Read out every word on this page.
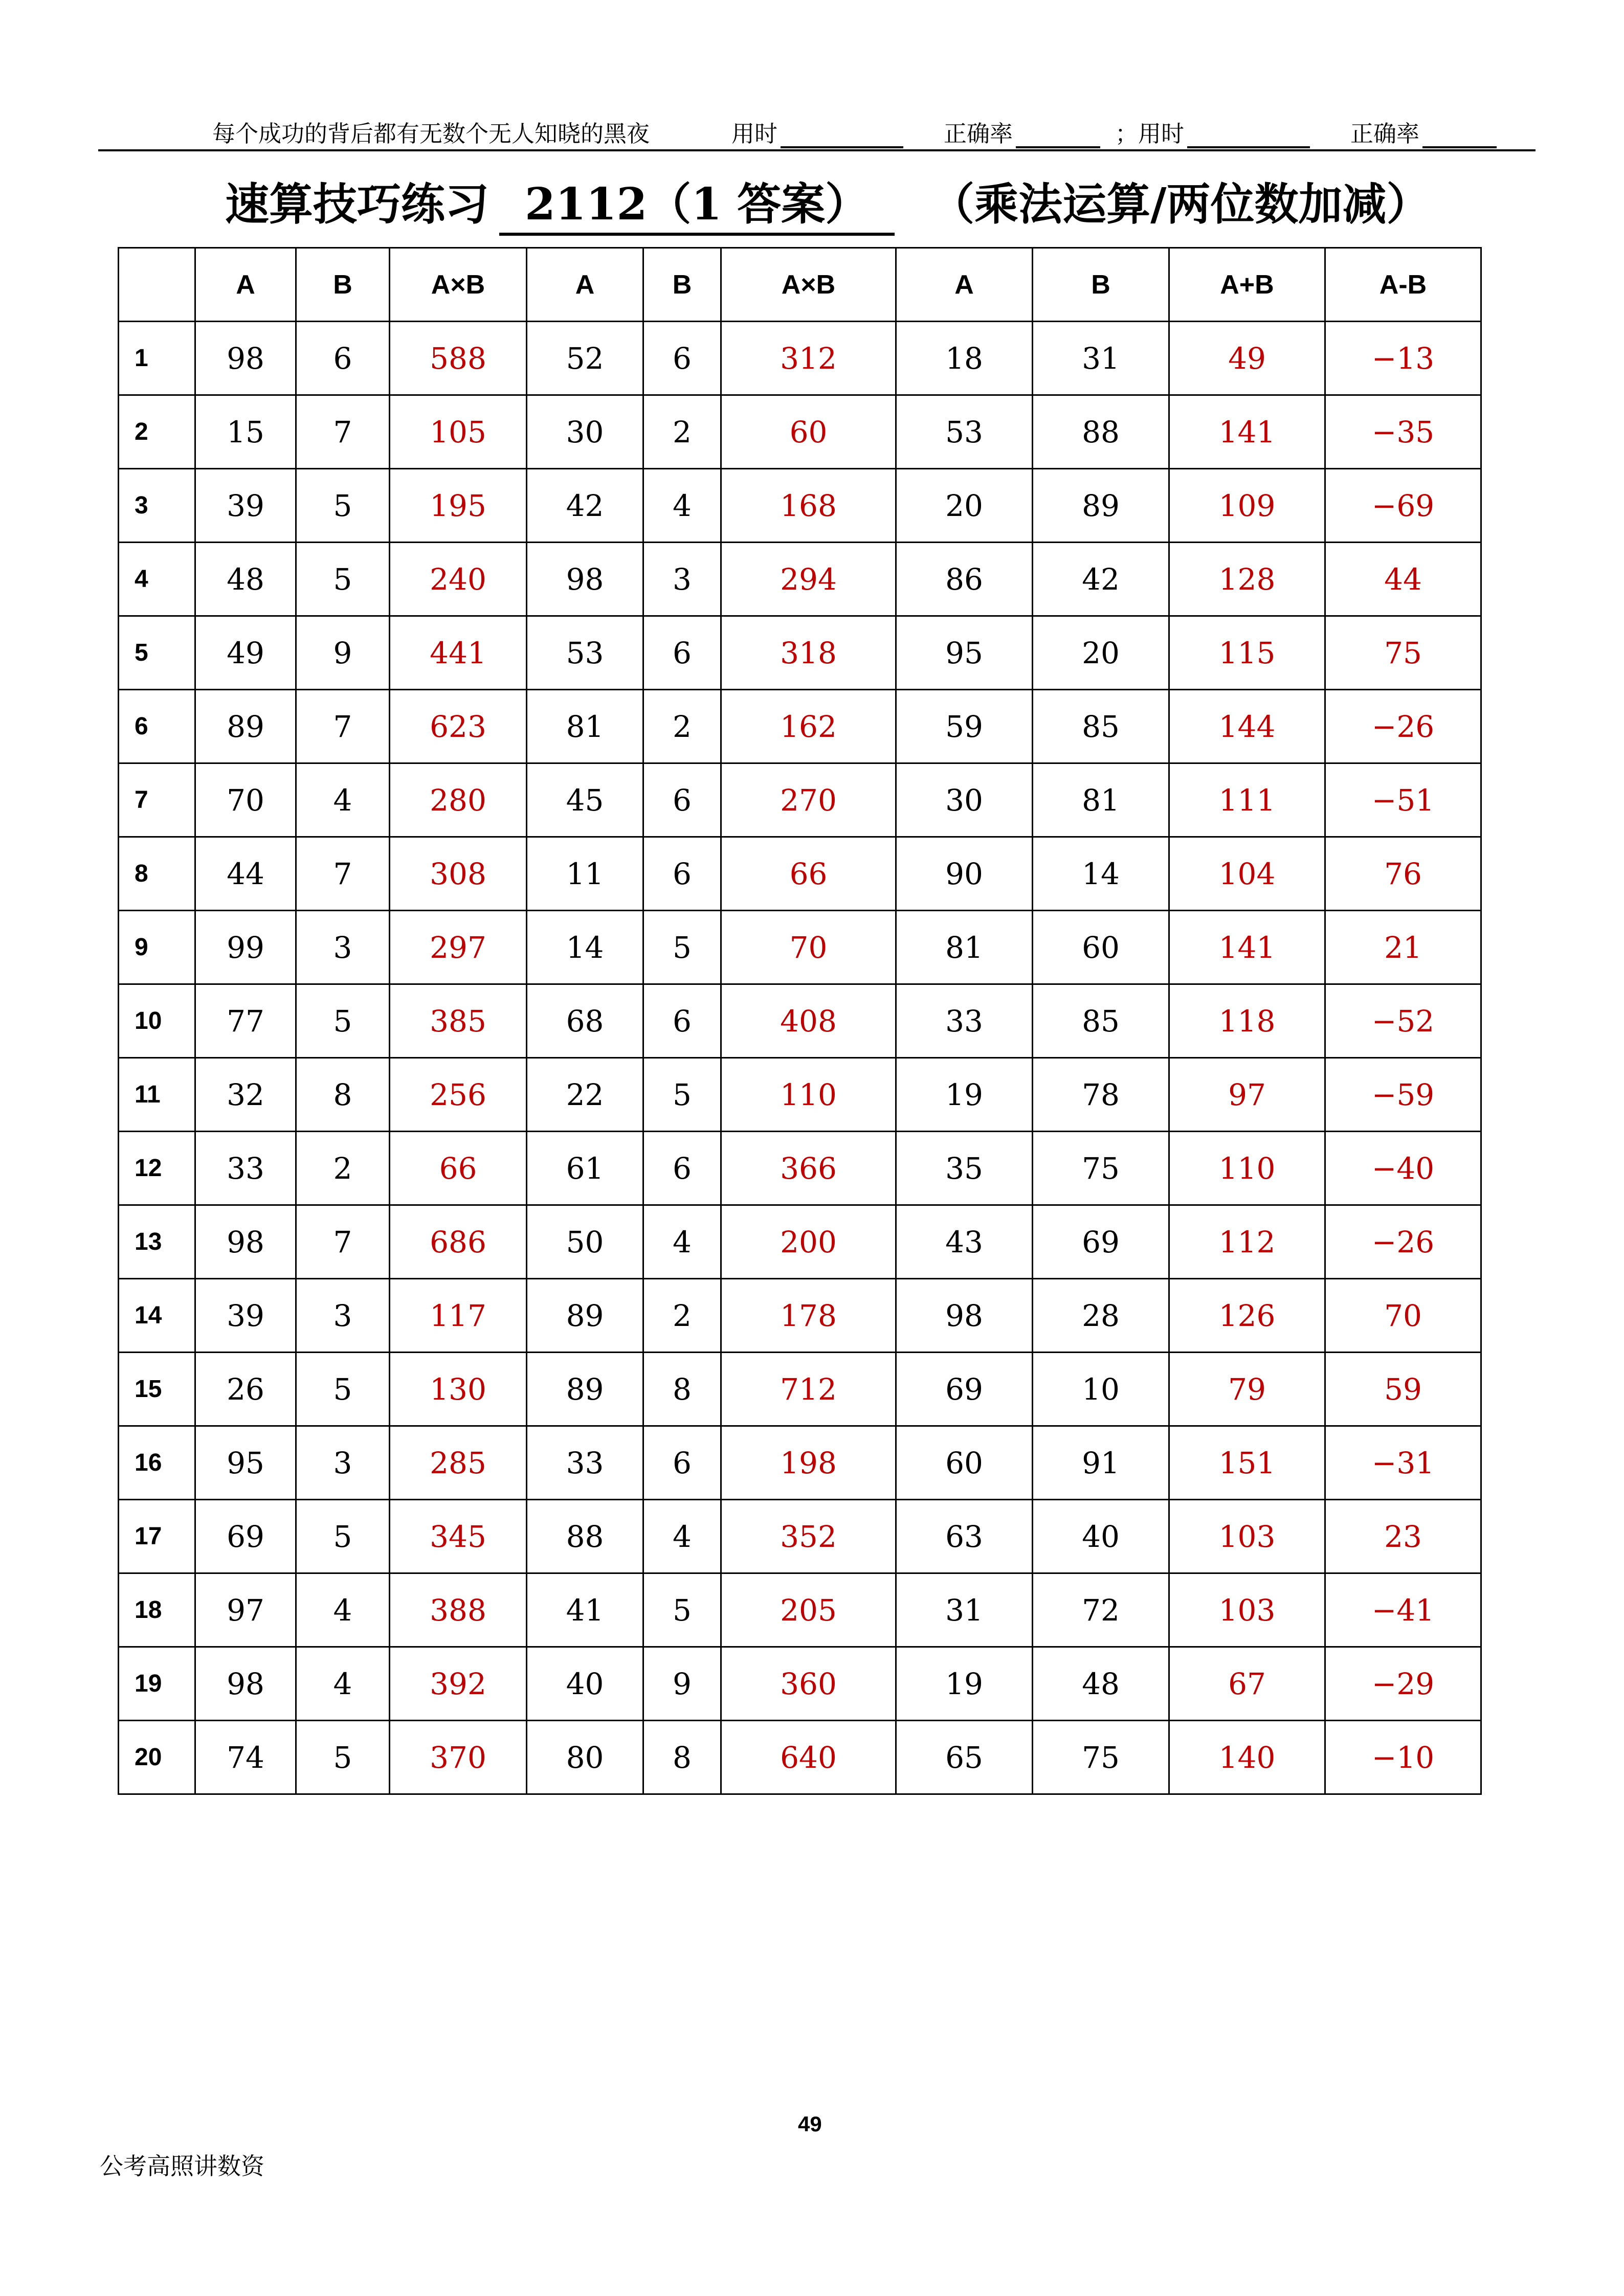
每个成功的背后都有无数个无人知晓的黑夜	用时	正确率	；用时	正确率
速算技巧练习 2112（1 答案） （乘法运算/两位数加减）
	A	B	A×B	A	B	A×B	A	B	A+B	A-B
1	98	6	588	52	6	312	18	31	49	−13
2	15	7	105	30	2	60	53	88	141	−35
3	39	5	195	42	4	168	20	89	109	−69
4	48	5	240	98	3	294	86	42	128	44
5	49	9	441	53	6	318	95	20	115	75
6	89	7	623	81	2	162	59	85	144	−26
7	70	4	280	45	6	270	30	81	111	−51
8	44	7	308	11	6	66	90	14	104	76
9	99	3	297	14	5	70	81	60	141	21
10	77	5	385	68	6	408	33	85	118	−52
11	32	8	256	22	5	110	19	78	97	−59
12	33	2	66	61	6	366	35	75	110	−40
13	98	7	686	50	4	200	43	69	112	−26
14	39	3	117	89	2	178	98	28	126	70
15	26	5	130	89	8	712	69	10	79	59
16	95	3	285	33	6	198	60	91	151	−31
17	69	5	345	88	4	352	63	40	103	23
18	97	4	388	41	5	205	31	72	103	−41
19	98	4	392	40	9	360	19	48	67	−29
20	74	5	370	80	8	640	65	75	140	−10
49
公考高照讲数资
